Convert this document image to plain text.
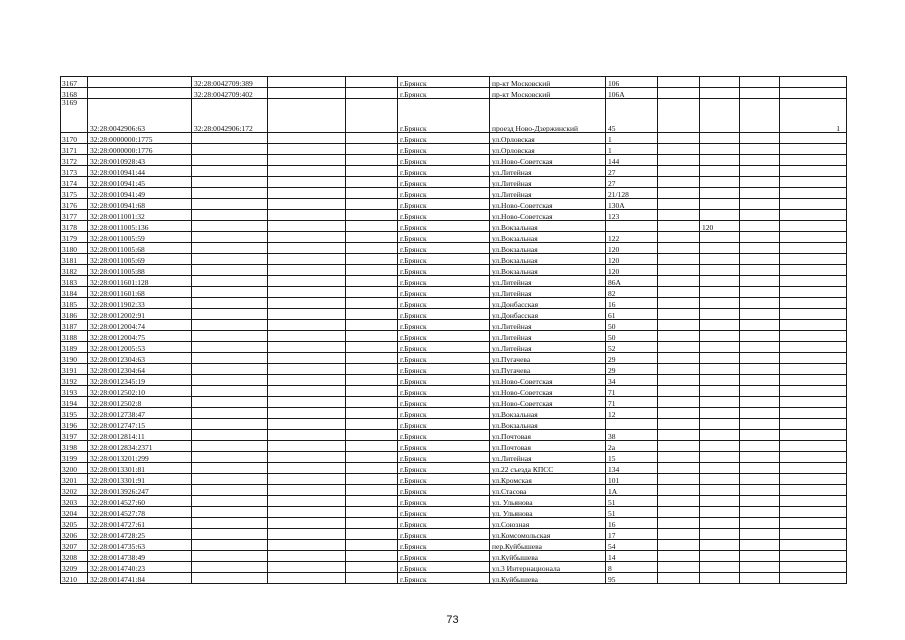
3167		32:28:0042709:389			г.Брянск	пр-кт Московский	106				
3168		32:28:0042709:402			г.Брянск	пр-кт Московский	106А				
3169	32:28:0042906:63	32:28:0042906:172			г.Брянск	проезд Ново-Дзержинский	45				1
3170	32:28:0000000:1775				г.Брянск	ул.Орловская	1				
3171	32:28:0000000:1776				г.Брянск	ул.Орловская	1				
3172	32:28:0010928:43				г.Брянск	ул.Ново-Советская	144				
3173	32:28:0010941:44				г.Брянск	ул.Литейная	27				
3174	32:28:0010941:45				г.Брянск	ул.Литейная	27				
3175	32:28:0010941:49				г.Брянск	ул.Литейная	21/128				
3176	32:28:0010941:68				г.Брянск	ул.Ново-Советская	130А				
3177	32:28:0011001:32				г.Брянск	ул.Ново-Советская	123				
3178	32:28:0011005:136				г.Брянск	ул.Вокзальная			120		
3179	32:28:0011005:59				г.Брянск	ул.Вокзальная	122				
3180	32:28:0011005:68				г.Брянск	ул.Вокзальная	120				
3181	32:28:0011005:69				г.Брянск	ул.Вокзальная	120				
3182	32:28:0011005:88				г.Брянск	ул.Вокзальная	120				
3183	32:28:0011601:128				г.Брянск	ул.Литейная	86А				
3184	32:28:0011601:68				г.Брянск	ул.Литейная	82				
3185	32:28:0011902:33				г.Брянск	ул.Донбасская	16				
3186	32:28:0012002:91				г.Брянск	ул.Донбасская	61				
3187	32:28:0012004:74				г.Брянск	ул.Литейная	50				
3188	32:28:0012004:75				г.Брянск	ул.Литейная	50				
3189	32:28:0012005:53				г.Брянск	ул.Литейная	52				
3190	32:28:0012304:63				г.Брянск	ул.Пугачева	29				
3191	32:28:0012304:64				г.Брянск	ул.Пугачева	29				
3192	32:28:0012345:19				г.Брянск	ул.Ново-Советская	34				
3193	32:28:0012502:10				г.Брянск	ул.Ново-Советская	71				
3194	32:28:0012502:8				г.Брянск	ул.Ново-Советская	71				
3195	32:28:0012738:47				г.Брянск	ул.Вокзальная	12				
3196	32:28:0012747:15				г.Брянск	ул.Вокзальная					
3197	32:28:0012814:11				г.Брянск	ул.Почтовая	38				
3198	32:28:0012834:2371				г.Брянск	ул.Почтовая	2а				
3199	32:28:0013201:299				г.Брянск	ул.Литейная	15				
3200	32:28:0013301:81				г.Брянск	ул.22 съезда КПСС	134				
3201	32:28:0013301:91				г.Брянск	ул.Кромская	101				
3202	32:28:0013926:247				г.Брянск	ул.Стасова	1А				
3203	32:28:0014527:60				г.Брянск	ул. Ульянова	51				
3204	32:28:0014527:78				г.Брянск	ул. Ульянова	51				
3205	32:28:0014727:61				г.Брянск	ул.Союзная	16				
3206	32:28:0014728:25				г.Брянск	ул.Комсомольская	17				
3207	32:28:0014735:63				г.Брянск	пер.Куйбышева	54				
3208	32:28:0014738:49				г.Брянск	ул.Куйбышева	14				
3209	32:28:0014740:23				г.Брянск	ул.3 Интернационала	8				
3210	32:28:0014741:84				г.Брянск	ул.Куйбышева	95				
73
